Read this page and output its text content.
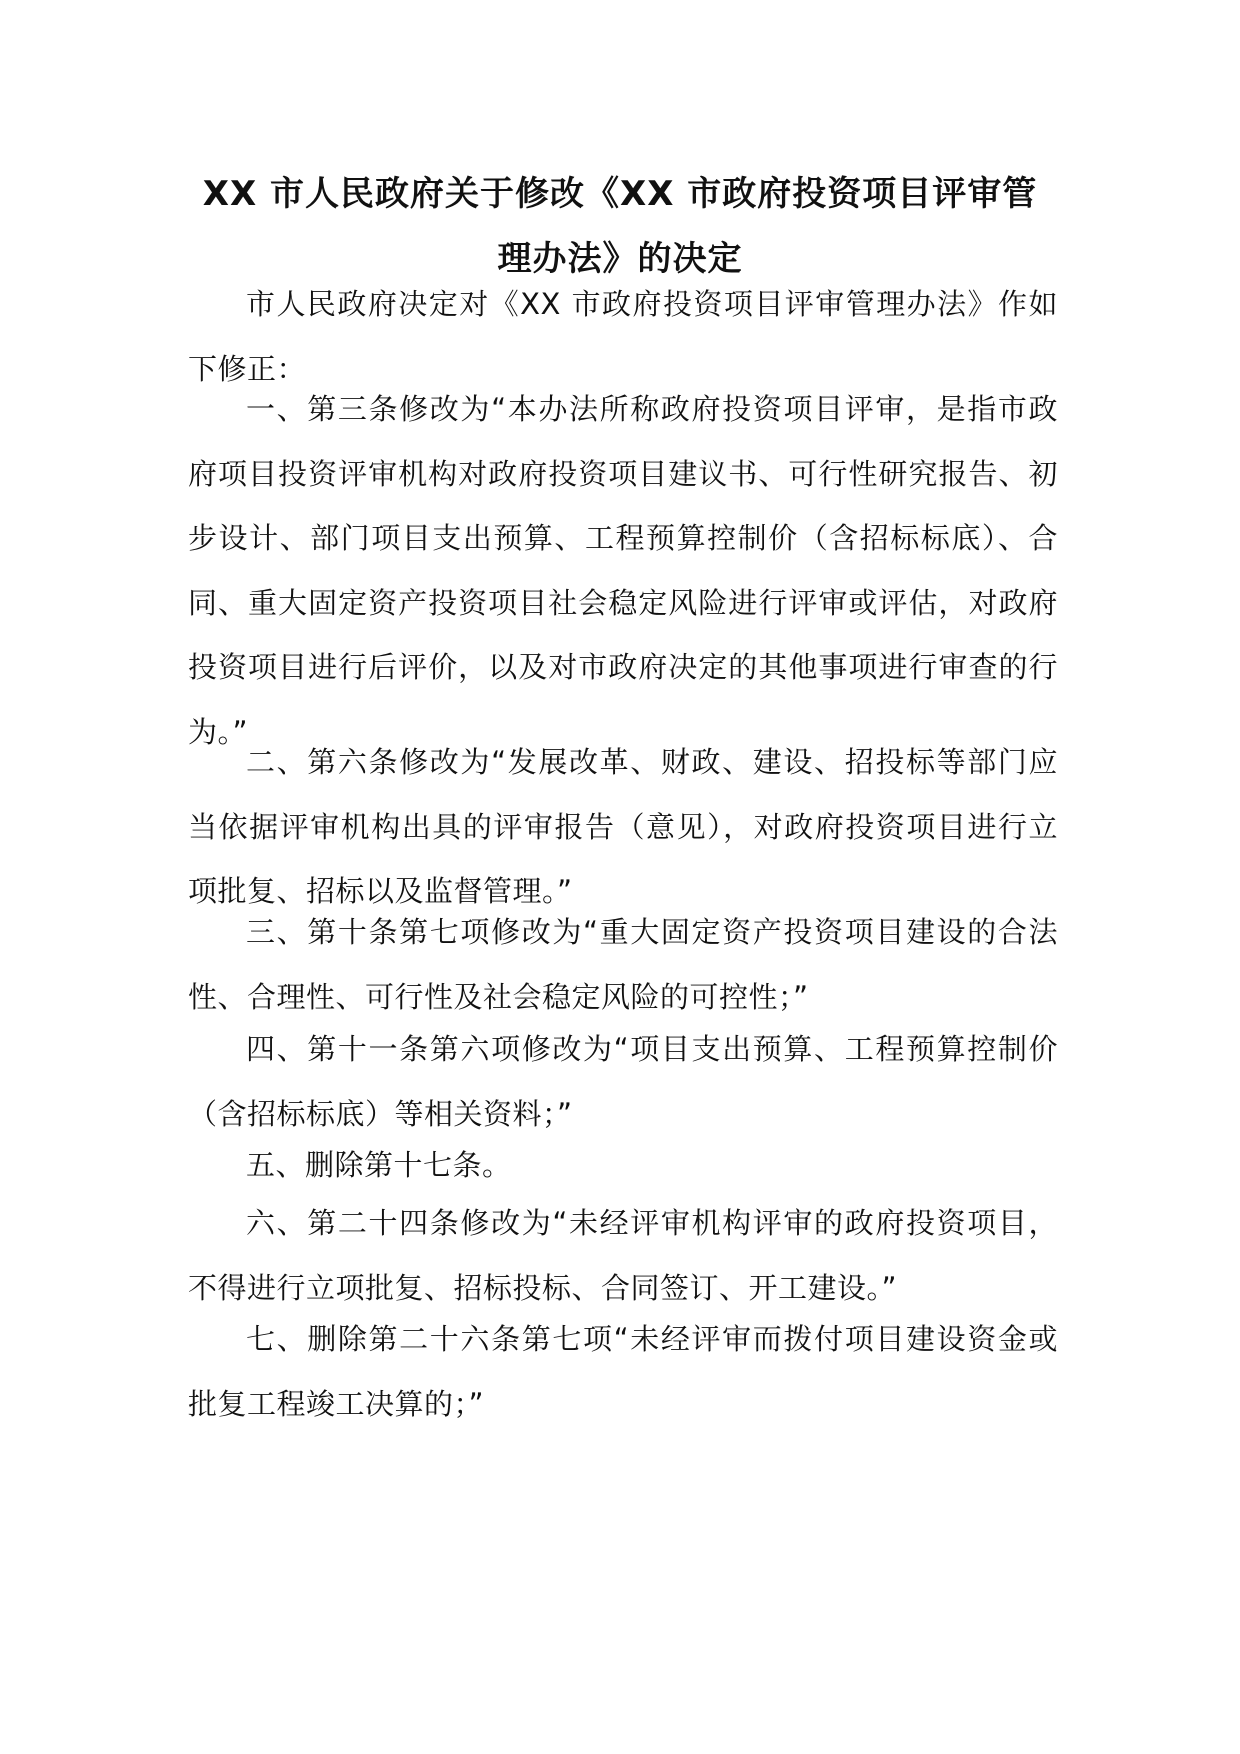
XX 市人民政府关于修改《XX 市政府投资项目评审管
理办法》的决定

市人民政府决定对《XX 市政府投资项目评审管理办法》作如下修正：

一、第三条修改为“本办法所称政府投资项目评审，是指市政府项目投资评审机构对政府投资项目建议书、可行性研究报告、初步设计、部门项目支出预算、工程预算控制价（含招标标底）、合同、重大固定资产投资项目社会稳定风险进行评审或评估，对政府投资项目进行后评价，以及对市政府决定的其他事项进行审查的行为。”

二、第六条修改为“发展改革、财政、建设、招投标等部门应当依据评审机构出具的评审报告（意见），对政府投资项目进行立项批复、招标以及监督管理。”

三、第十条第七项修改为“重大固定资产投资项目建设的合法性、合理性、可行性及社会稳定风险的可控性；”

四、第十一条第六项修改为“项目支出预算、工程预算控制价（含招标标底）等相关资料；”

五、删除第十七条。

六、第二十四条修改为“未经评审机构评审的政府投资项目，不得进行立项批复、招标投标、合同签订、开工建设。”

七、删除第二十六条第七项“未经评审而拨付项目建设资金或批复工程竣工决算的；”
